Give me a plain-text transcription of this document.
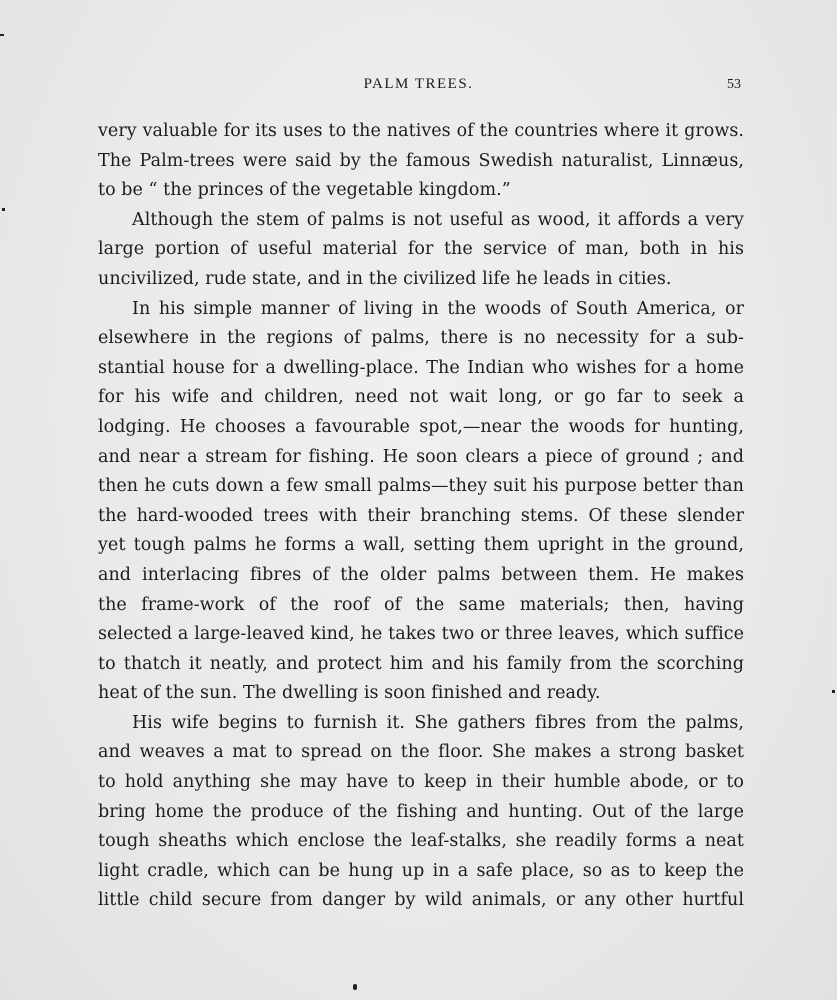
PALM TREES.	53
very valuable for its uses to the natives of the countries where it grows.
The Palm-trees were said by the famous Swedish naturalist, Linnæus,
to be “ the princes of the vegetable kingdom.”
Although the stem of palms is not useful as wood, it affords a very
large portion of useful material for the service of man, both in his
uncivilized, rude state, and in the civilized life he leads in cities.
In his simple manner of living in the woods of South America, or
elsewhere in the regions of palms, there is no necessity for a sub-
stantial house for a dwelling-place. The Indian who wishes for a home
for his wife and children, need not wait long, or go far to seek a
lodging. He chooses a favourable spot,—near the woods for hunting,
and near a stream for fishing. He soon clears a piece of ground ; and
then he cuts down a few small palms—they suit his purpose better than
the hard-wooded trees with their branching stems. Of these slender
yet tough palms he forms a wall, setting them upright in the ground,
and interlacing fibres of the older palms between them. He makes
the frame-work of the roof of the same materials; then, having
selected a large-leaved kind, he takes two or three leaves, which suffice
to thatch it neatly, and protect him and his family from the scorching
heat of the sun. The dwelling is soon finished and ready.
His wife begins to furnish it. She gathers fibres from the palms,
and weaves a mat to spread on the floor. She makes a strong basket
to hold anything she may have to keep in their humble abode, or to
bring home the produce of the fishing and hunting. Out of the large
tough sheaths which enclose the leaf-stalks, she readily forms a neat
light cradle, which can be hung up in a safe place, so as to keep the
little child secure from danger by wild animals, or any other hurtful
